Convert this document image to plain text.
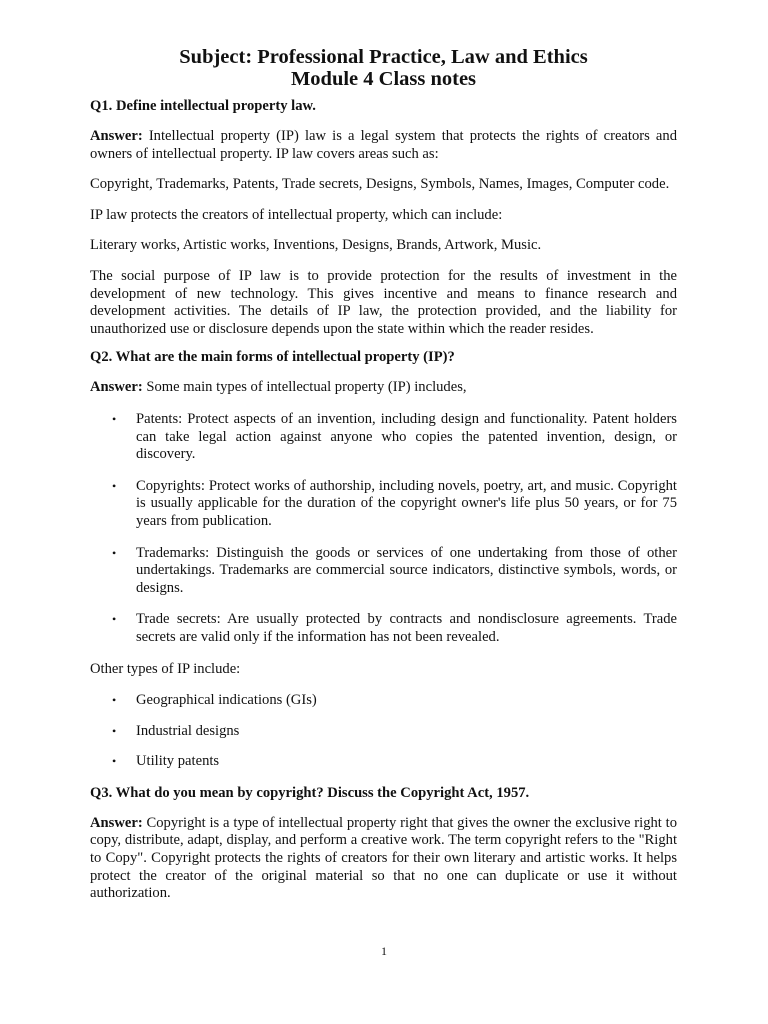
Subject: Professional Practice, Law and Ethics
Module 4 Class notes
Q1. Define intellectual property law.

Answer: Intellectual property (IP) law is a legal system that protects the rights of creators and owners of intellectual property. IP law covers areas such as:

Copyright, Trademarks, Patents, Trade secrets, Designs, Symbols, Names, Images, Computer code.

IP law protects the creators of intellectual property, which can include:

Literary works, Artistic works, Inventions, Designs, Brands, Artwork, Music.

The social purpose of IP law is to provide protection for the results of investment in the development of new technology. This gives incentive and means to finance research and development activities. The details of IP law, the protection provided, and the liability for unauthorized use or disclosure depends upon the state within which the reader resides.

Q2. What are the main forms of intellectual property (IP)?

Answer: Some main types of intellectual property (IP) includes,

• Patents: Protect aspects of an invention, including design and functionality. Patent holders can take legal action against anyone who copies the patented invention, design, or discovery.
• Copyrights: Protect works of authorship, including novels, poetry, art, and music. Copyright is usually applicable for the duration of the copyright owner's life plus 50 years, or for 75 years from publication.
• Trademarks: Distinguish the goods or services of one undertaking from those of other undertakings. Trademarks are commercial source indicators, distinctive symbols, words, or designs.
• Trade secrets: Are usually protected by contracts and nondisclosure agreements. Trade secrets are valid only if the information has not been revealed.

Other types of IP include:

• Geographical indications (GIs)
• Industrial designs
• Utility patents
Q3. What do you mean by copyright? Discuss the Copyright Act, 1957.

Answer: Copyright is a type of intellectual property right that gives the owner the exclusive right to copy, distribute, adapt, display, and perform a creative work. The term copyright refers to the "Right to Copy". Copyright protects the rights of creators for their own literary and artistic works. It helps protect the creator of the original material so that no one can duplicate or use it without authorization.

1
